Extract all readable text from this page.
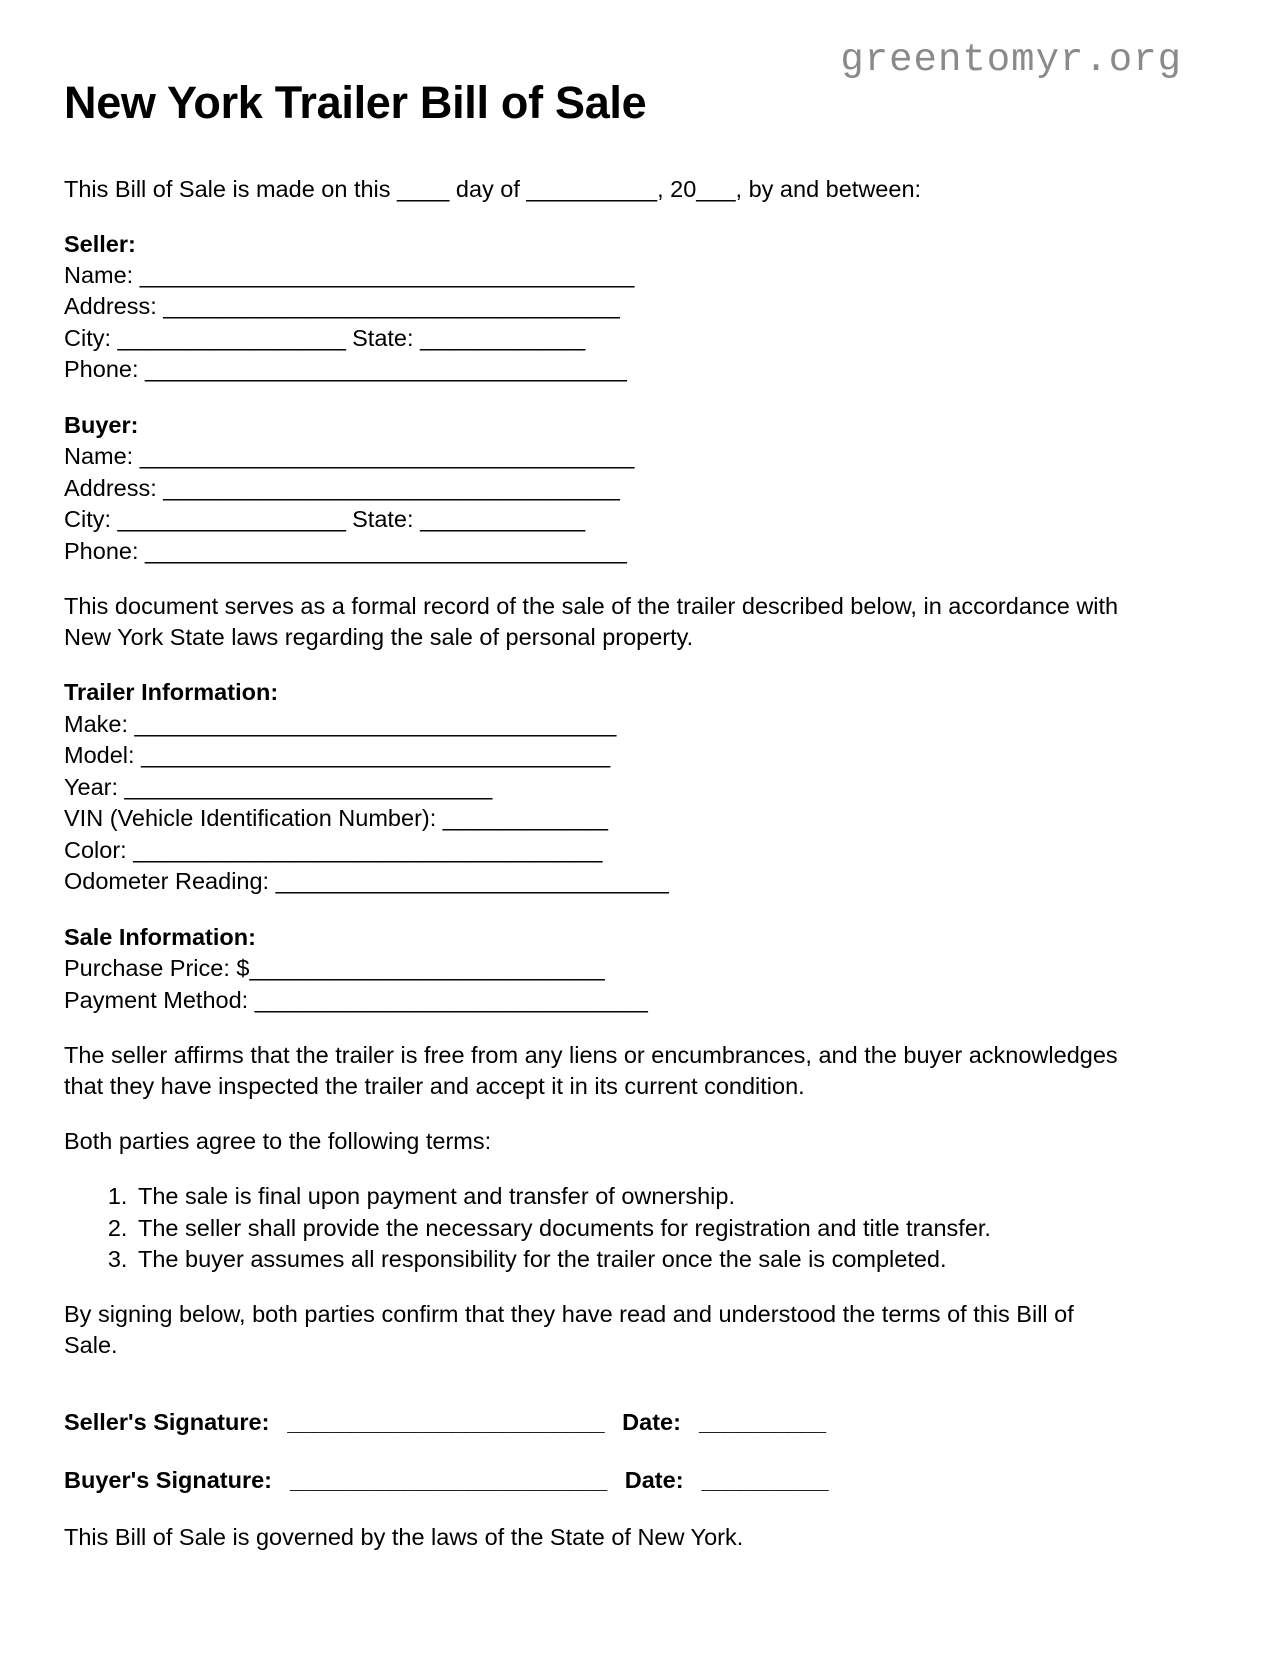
greentomyr.org
New York Trailer Bill of Sale

This Bill of Sale is made on this ____ day of __________, 20___, by and between:

Seller:
Name: _______________________________________
Address: ____________________________________
City: __________________ State: _____________
Phone: ______________________________________
Buyer:
Name: _______________________________________
Address: ____________________________________
City: __________________ State: _____________
Phone: ______________________________________

This document serves as a formal record of the sale of the trailer described below, in accordance with New York State laws regarding the sale of personal property.

Trailer Information:
Make: ______________________________________
Model: _____________________________________
Year: _____________________________
VIN (Vehicle Identification Number): _____________
Color: _____________________________________
Odometer Reading: _______________________________
Sale Information:
Purchase Price: $____________________________
Payment Method: _______________________________

The seller affirms that the trailer is free from any liens or encumbrances, and the buyer acknowledges that they have inspected the trailer and accept it in its current condition.

Both parties agree to the following terms:

1. The sale is final upon payment and transfer of ownership.
2. The seller shall provide the necessary documents for registration and title transfer.
3. The buyer assumes all responsibility for the trailer once the sale is completed.

By signing below, both parties confirm that they have read and understood the terms of this Bill of Sale.

Seller's Signature: _________________________ Date: __________
Buyer's Signature: _________________________ Date: __________

This Bill of Sale is governed by the laws of the State of New York.
